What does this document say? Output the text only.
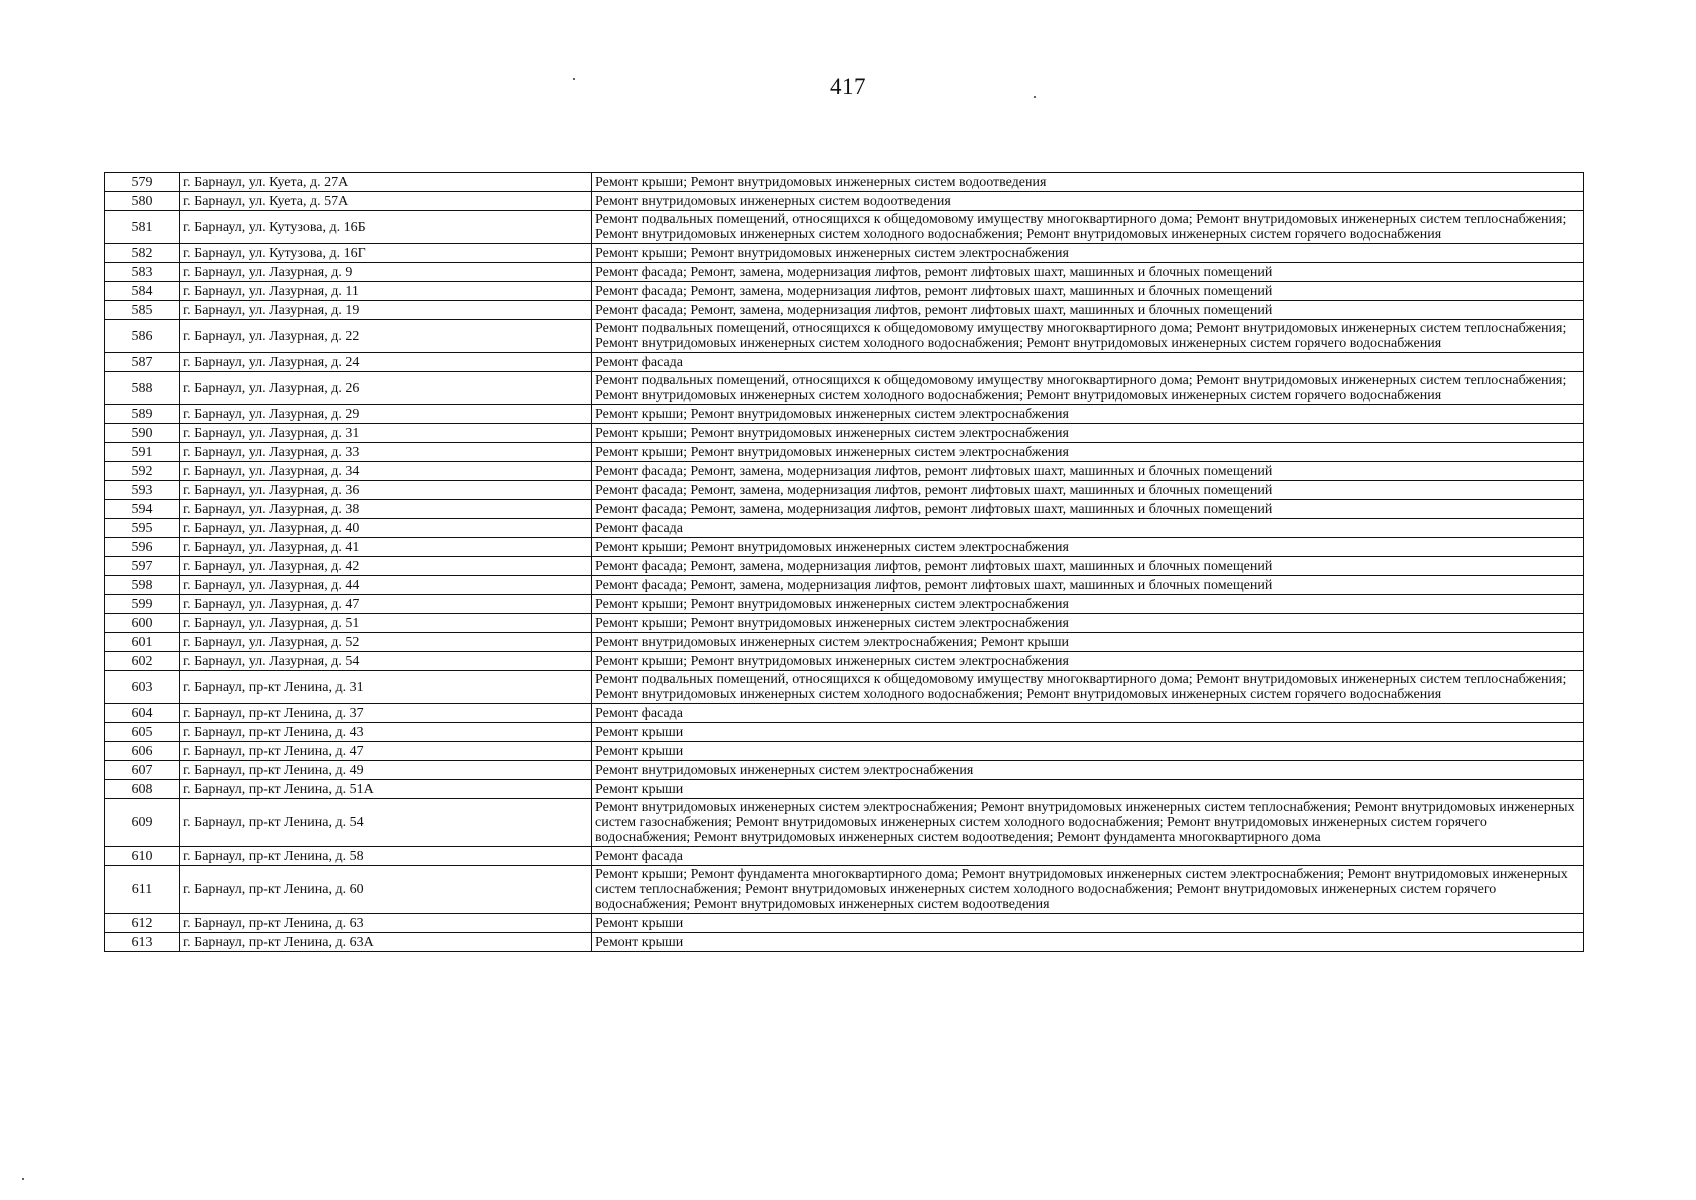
417
579	г. Барнаул, ул. Куета, д. 27А	Ремонт крыши; Ремонт внутридомовых инженерных систем водоотведения
580	г. Барнаул, ул. Куета, д. 57А	Ремонт внутридомовых инженерных систем водоотведения
581	г. Барнаул, ул. Кутузова, д. 16Б	Ремонт подвальных помещений, относящихся к общедомовому имуществу многоквартирного дома; Ремонт внутридомовых инженерных систем теплоснабжения; Ремонт внутридомовых инженерных систем холодного водоснабжения; Ремонт внутридомовых инженерных систем горячего водоснабжения
582	г. Барнаул, ул. Кутузова, д. 16Г	Ремонт крыши; Ремонт внутридомовых инженерных систем электроснабжения
583	г. Барнаул, ул. Лазурная, д. 9	Ремонт фасада; Ремонт, замена, модернизация лифтов, ремонт лифтовых шахт, машинных и блочных помещений
584	г. Барнаул, ул. Лазурная, д. 11	Ремонт фасада; Ремонт, замена, модернизация лифтов, ремонт лифтовых шахт, машинных и блочных помещений
585	г. Барнаул, ул. Лазурная, д. 19	Ремонт фасада; Ремонт, замена, модернизация лифтов, ремонт лифтовых шахт, машинных и блочных помещений
586	г. Барнаул, ул. Лазурная, д. 22	Ремонт подвальных помещений, относящихся к общедомовому имуществу многоквартирного дома; Ремонт внутридомовых инженерных систем теплоснабжения; Ремонт внутридомовых инженерных систем холодного водоснабжения; Ремонт внутридомовых инженерных систем горячего водоснабжения
587	г. Барнаул, ул. Лазурная, д. 24	Ремонт фасада
588	г. Барнаул, ул. Лазурная, д. 26	Ремонт подвальных помещений, относящихся к общедомовому имуществу многоквартирного дома; Ремонт внутридомовых инженерных систем теплоснабжения; Ремонт внутридомовых инженерных систем холодного водоснабжения; Ремонт внутридомовых инженерных систем горячего водоснабжения
589	г. Барнаул, ул. Лазурная, д. 29	Ремонт крыши; Ремонт внутридомовых инженерных систем электроснабжения
590	г. Барнаул, ул. Лазурная, д. 31	Ремонт крыши; Ремонт внутридомовых инженерных систем электроснабжения
591	г. Барнаул, ул. Лазурная, д. 33	Ремонт крыши; Ремонт внутридомовых инженерных систем электроснабжения
592	г. Барнаул, ул. Лазурная, д. 34	Ремонт фасада; Ремонт, замена, модернизация лифтов, ремонт лифтовых шахт, машинных и блочных помещений
593	г. Барнаул, ул. Лазурная, д. 36	Ремонт фасада; Ремонт, замена, модернизация лифтов, ремонт лифтовых шахт, машинных и блочных помещений
594	г. Барнаул, ул. Лазурная, д. 38	Ремонт фасада; Ремонт, замена, модернизация лифтов, ремонт лифтовых шахт, машинных и блочных помещений
595	г. Барнаул, ул. Лазурная, д. 40	Ремонт фасада
596	г. Барнаул, ул. Лазурная, д. 41	Ремонт крыши; Ремонт внутридомовых инженерных систем электроснабжения
597	г. Барнаул, ул. Лазурная, д. 42	Ремонт фасада; Ремонт, замена, модернизация лифтов, ремонт лифтовых шахт, машинных и блочных помещений
598	г. Барнаул, ул. Лазурная, д. 44	Ремонт фасада; Ремонт, замена, модернизация лифтов, ремонт лифтовых шахт, машинных и блочных помещений
599	г. Барнаул, ул. Лазурная, д. 47	Ремонт крыши; Ремонт внутридомовых инженерных систем электроснабжения
600	г. Барнаул, ул. Лазурная, д. 51	Ремонт крыши; Ремонт внутридомовых инженерных систем электроснабжения
601	г. Барнаул, ул. Лазурная, д. 52	Ремонт внутридомовых инженерных систем электроснабжения; Ремонт крыши
602	г. Барнаул, ул. Лазурная, д. 54	Ремонт крыши; Ремонт внутридомовых инженерных систем электроснабжения
603	г. Барнаул, пр-кт Ленина, д. 31	Ремонт подвальных помещений, относящихся к общедомовому имуществу многоквартирного дома; Ремонт внутридомовых инженерных систем теплоснабжения; Ремонт внутридомовых инженерных систем холодного водоснабжения; Ремонт внутридомовых инженерных систем горячего водоснабжения
604	г. Барнаул, пр-кт Ленина, д. 37	Ремонт фасада
605	г. Барнаул, пр-кт Ленина, д. 43	Ремонт крыши
606	г. Барнаул, пр-кт Ленина, д. 47	Ремонт крыши
607	г. Барнаул, пр-кт Ленина, д. 49	Ремонт внутридомовых инженерных систем электроснабжения
608	г. Барнаул, пр-кт Ленина, д. 51А	Ремонт крыши
609	г. Барнаул, пр-кт Ленина, д. 54	Ремонт внутридомовых инженерных систем электроснабжения; Ремонт внутридомовых инженерных систем теплоснабжения; Ремонт внутридомовых инженерных систем газоснабжения; Ремонт внутридомовых инженерных систем холодного водоснабжения; Ремонт внутридомовых инженерных систем горячего водоснабжения; Ремонт внутридомовых инженерных систем водоотведения; Ремонт фундамента многоквартирного дома
610	г. Барнаул, пр-кт Ленина, д. 58	Ремонт фасада
611	г. Барнаул, пр-кт Ленина, д. 60	Ремонт крыши; Ремонт фундамента многоквартирного дома; Ремонт внутридомовых инженерных систем электроснабжения; Ремонт внутридомовых инженерных систем теплоснабжения; Ремонт внутридомовых инженерных систем холодного водоснабжения; Ремонт внутридомовых инженерных систем горячего водоснабжения; Ремонт внутридомовых инженерных систем водоотведения
612	г. Барнаул, пр-кт Ленина, д. 63	Ремонт крыши
613	г. Барнаул, пр-кт Ленина, д. 63А	Ремонт крыши
